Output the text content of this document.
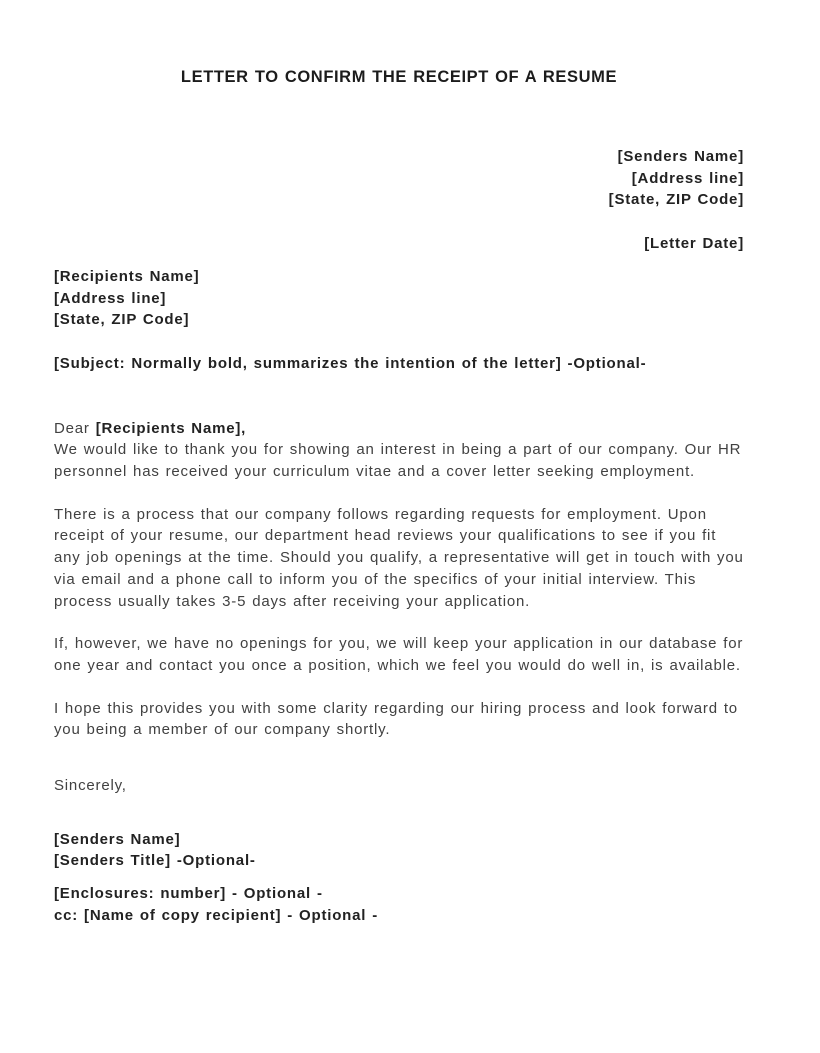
LETTER TO CONFIRM THE RECEIPT OF A RESUME
[Senders Name]
[Address line]
[State, ZIP Code]
[Letter Date]
[Recipients Name]
[Address line]
[State, ZIP Code]
[Subject: Normally bold, summarizes the intention of the letter] -Optional-
Dear [Recipients Name],
We would like to thank you for showing an interest in being a part of our company. Our HR personnel has received your curriculum vitae and a cover letter seeking employment.
There is a process that our company follows regarding requests for employment. Upon receipt of your resume, our department head reviews your qualifications to see if you fit any job openings at the time. Should you qualify, a representative will get in touch with you via email and a phone call to inform you of the specifics of your initial interview. This process usually takes 3-5 days after receiving your application.
If, however, we have no openings for you, we will keep your application in our database for one year and contact you once a position, which we feel you would do well in, is available.
I hope this provides you with some clarity regarding our hiring process and look forward to you being a member of our company shortly.
Sincerely,
[Senders Name]
[Senders Title] -Optional-
[Enclosures: number] - Optional -
cc: [Name of copy recipient] - Optional -
